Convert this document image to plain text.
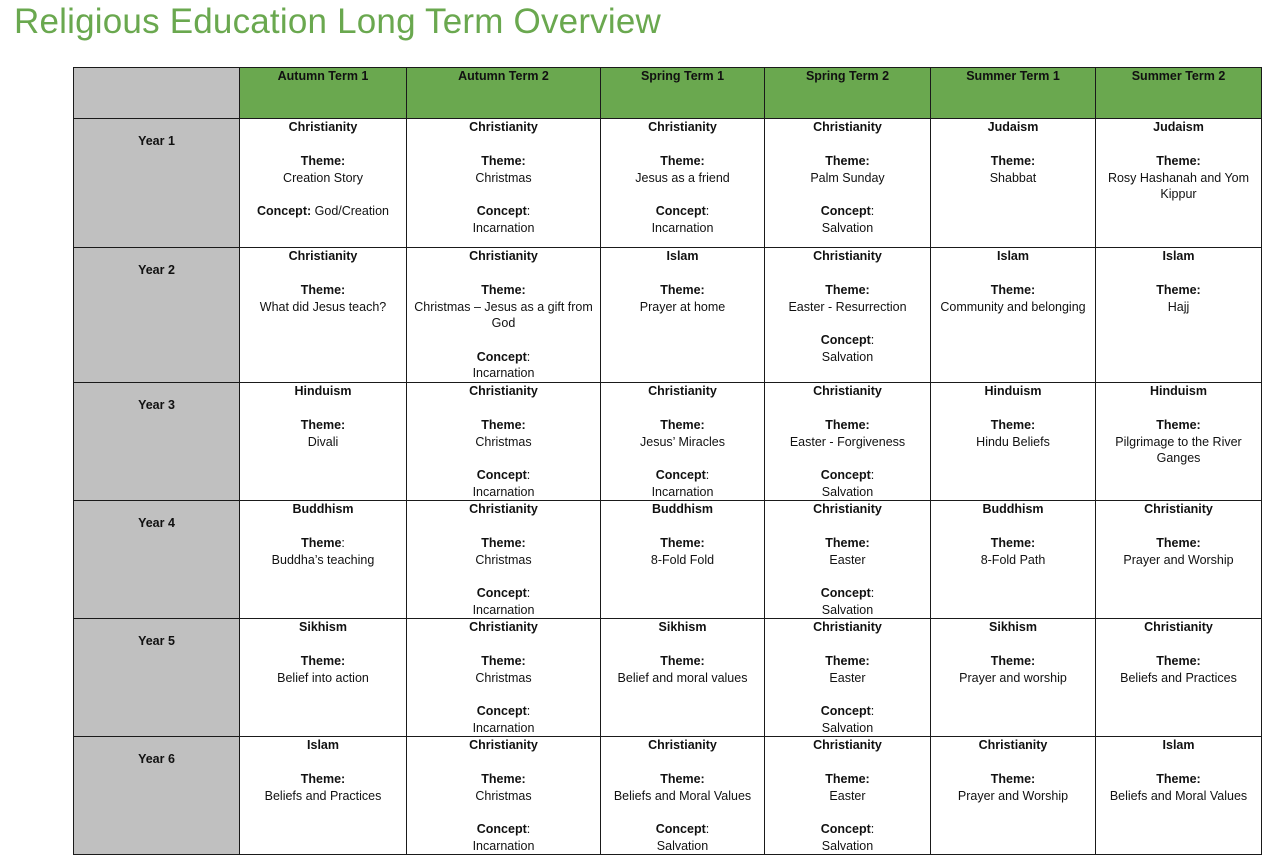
Religious Education Long Term Overview
	Autumn Term 1	Autumn Term 2	Spring Term 1	Spring Term 2	Summer Term 1	Summer Term 2
Year 1	Christianity
Theme:
Creation Story
Concept: God/Creation	Christianity
Theme:
Christmas
Concept:
Incarnation	Christianity
Theme:
Jesus as a friend
Concept:
Incarnation	Christianity
Theme:
Palm Sunday
Concept:
Salvation	Judaism
Theme:
Shabbat	Judaism
Theme:
Rosy Hashanah and Yom Kippur

Year 2	Christianity
Theme:
What did Jesus teach?	Christianity
Theme:
Christmas – Jesus as a gift from God
Concept:
Incarnation	Islam
Theme:
Prayer at home	Christianity
Theme:
Easter - Resurrection
Concept:
Salvation	Islam
Theme:
Community and belonging	Islam
Theme:
Hajj

Year 3	Hinduism
Theme:
Divali	Christianity
Theme:
Christmas
Concept:
Incarnation	Christianity
Theme:
Jesus’ Miracles
Concept:
Incarnation	Christianity
Theme:
Easter - Forgiveness
Concept:
Salvation	Hinduism
Theme:
Hindu Beliefs	Hinduism
Theme:
Pilgrimage to the River Ganges

Year 4	Buddhism
Theme:
Buddha’s teaching	Christianity
Theme:
Christmas
Concept:
Incarnation	Buddhism
Theme:
8-Fold Fold	Christianity
Theme:
Easter
Concept:
Salvation	Buddhism
Theme:
8-Fold Path	Christianity
Theme:
Prayer and Worship

Year 5	Sikhism
Theme:
Belief into action	Christianity
Theme:
Christmas
Concept:
Incarnation	Sikhism
Theme:
Belief and moral values	Christianity
Theme:
Easter
Concept:
Salvation	Sikhism
Theme:
Prayer and worship	Christianity
Theme:
Beliefs and Practices

Year 6	Islam
Theme:
Beliefs and Practices	Christianity
Theme:
Christmas
Concept:
Incarnation	Christianity
Theme:
Beliefs and Moral Values
Concept:
Salvation	Christianity
Theme:
Easter
Concept:
Salvation	Christianity
Theme:
Prayer and Worship	Islam
Theme:
Beliefs and Moral Values
